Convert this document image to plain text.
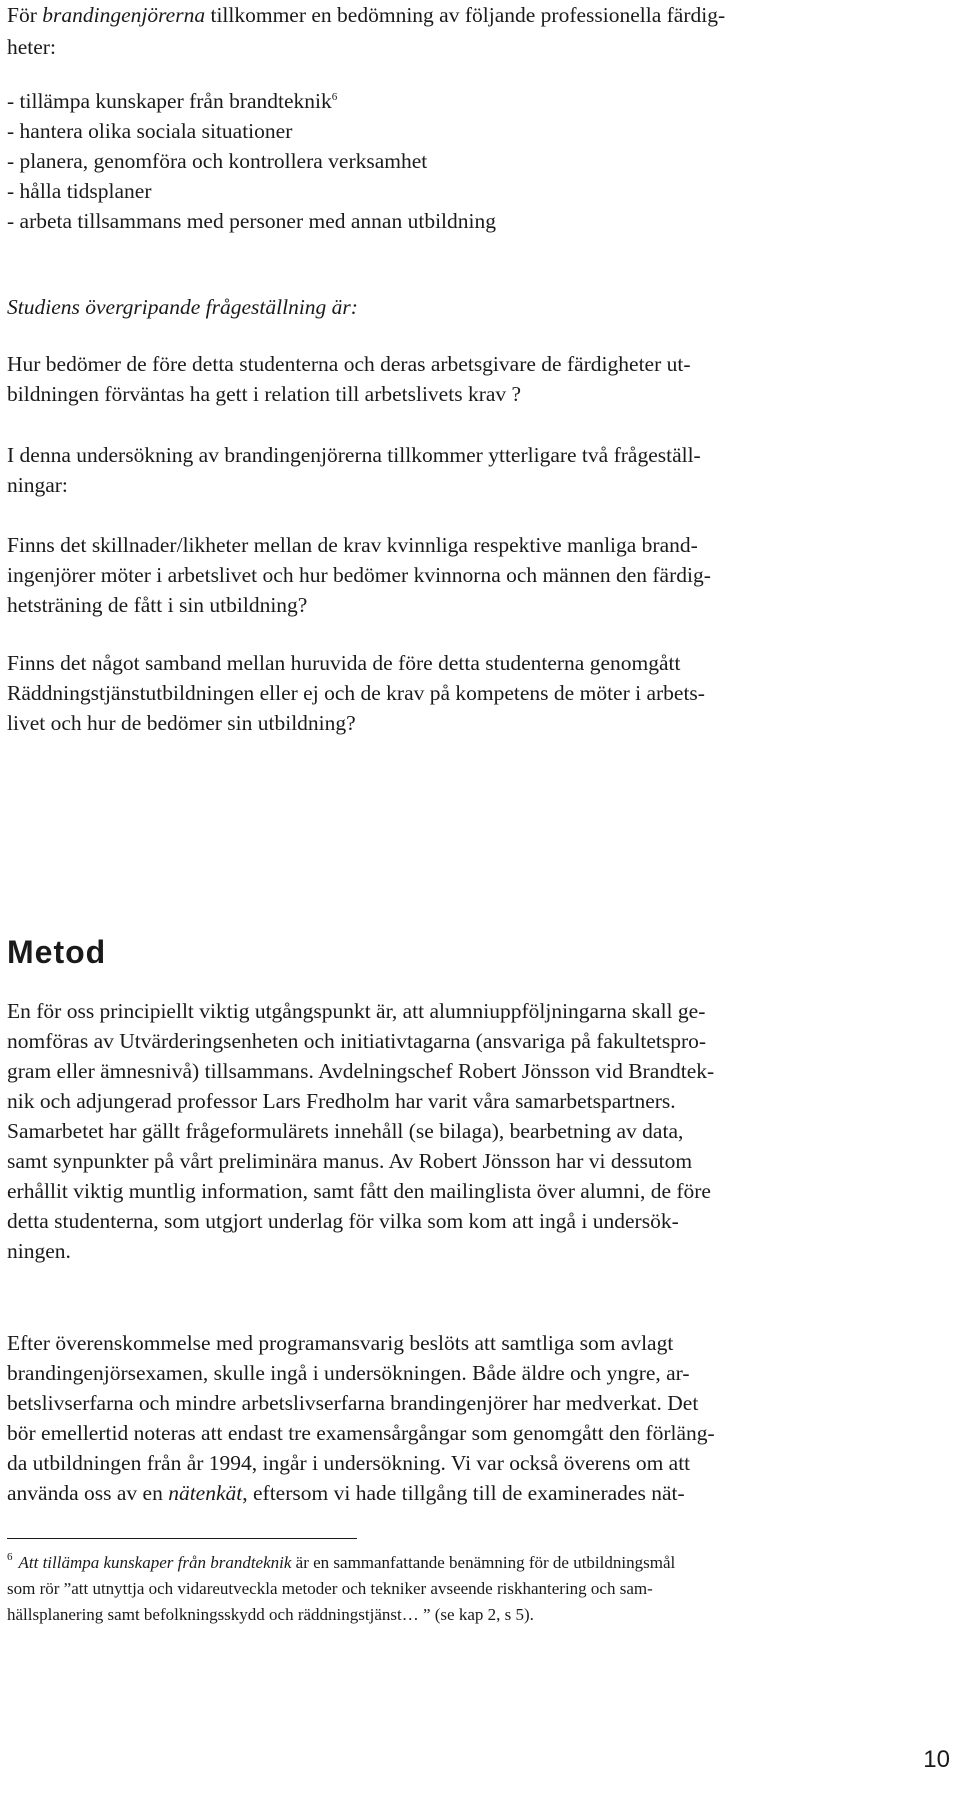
För brandingenjörerna tillkommer en bedömning av följande professionella färdig-
heter:
- tillämpa kunskaper från brandteknik$^6$
- hantera olika sociala situationer
- planera, genomföra och kontrollera verksamhet
- hålla tidsplaner
- arbeta tillsammans med personer med annan utbildning
Studiens övergripande frågeställning är:
Hur bedömer de före detta studenterna och deras arbetsgivare de färdigheter ut-
bildningen förväntas ha gett i relation till arbetslivets krav ?
I denna undersökning av brandingenjörerna tillkommer ytterligare två frågeställ-
ningar:
Finns det skillnader/likheter mellan de krav kvinnliga respektive manliga brand-
ingenjörer möter i arbetslivet och hur bedömer kvinnorna och männen den färdig-
hetsträning de fått i sin utbildning?
Finns det något samband mellan huruvida de före detta studenterna genomgått
Räddningstjänstutbildningen eller ej och de krav på kompetens de möter i arbets-
livet och hur de bedömer sin utbildning?
Metod
En för oss principiellt viktig utgångspunkt är, att alumniuppföljningarna skall ge-
nomföras av Utvärderingsenheten och initiativtagarna (ansvariga på fakultetspro-
gram eller ämnesnivå) tillsammans. Avdelningschef Robert Jönsson vid Brandtek-
nik och adjungerad professor Lars Fredholm har varit våra samarbetspartners.
Samarbetet har gällt frågeformulärets innehåll (se bilaga), bearbetning av data,
samt synpunkter på vårt preliminära manus. Av Robert Jönsson har vi dessutom
erhållit viktig muntlig information, samt fått den mailinglista över alumni, de före
detta studenterna, som utgjort underlag för vilka som kom att ingå i undersök-
ningen.
Efter överenskommelse med programansvarig beslöts att samtliga som avlagt
brandingenjörsexamen, skulle ingå i undersökningen. Både äldre och yngre, ar-
betslivserfarna och mindre arbetslivserfarna brandingenjörer har medverkat. Det
bör emellertid noteras att endast tre examensårgångar som genomgått den förläng-
da utbildningen från år 1994, ingår i undersökning. Vi var också överens om att
använda oss av en nätenkät, eftersom vi hade tillgång till de examinerades nät-
$^6$ Att tillämpa kunskaper från brandteknik är en sammanfattande benämning för de utbildningsmål
som rör ”att utnyttja och vidareutveckla metoder och tekniker avseende riskhantering och sam-
hällsplanering samt befolkningsskydd och räddningstjänst… ” (se kap 2, s 5).
10
